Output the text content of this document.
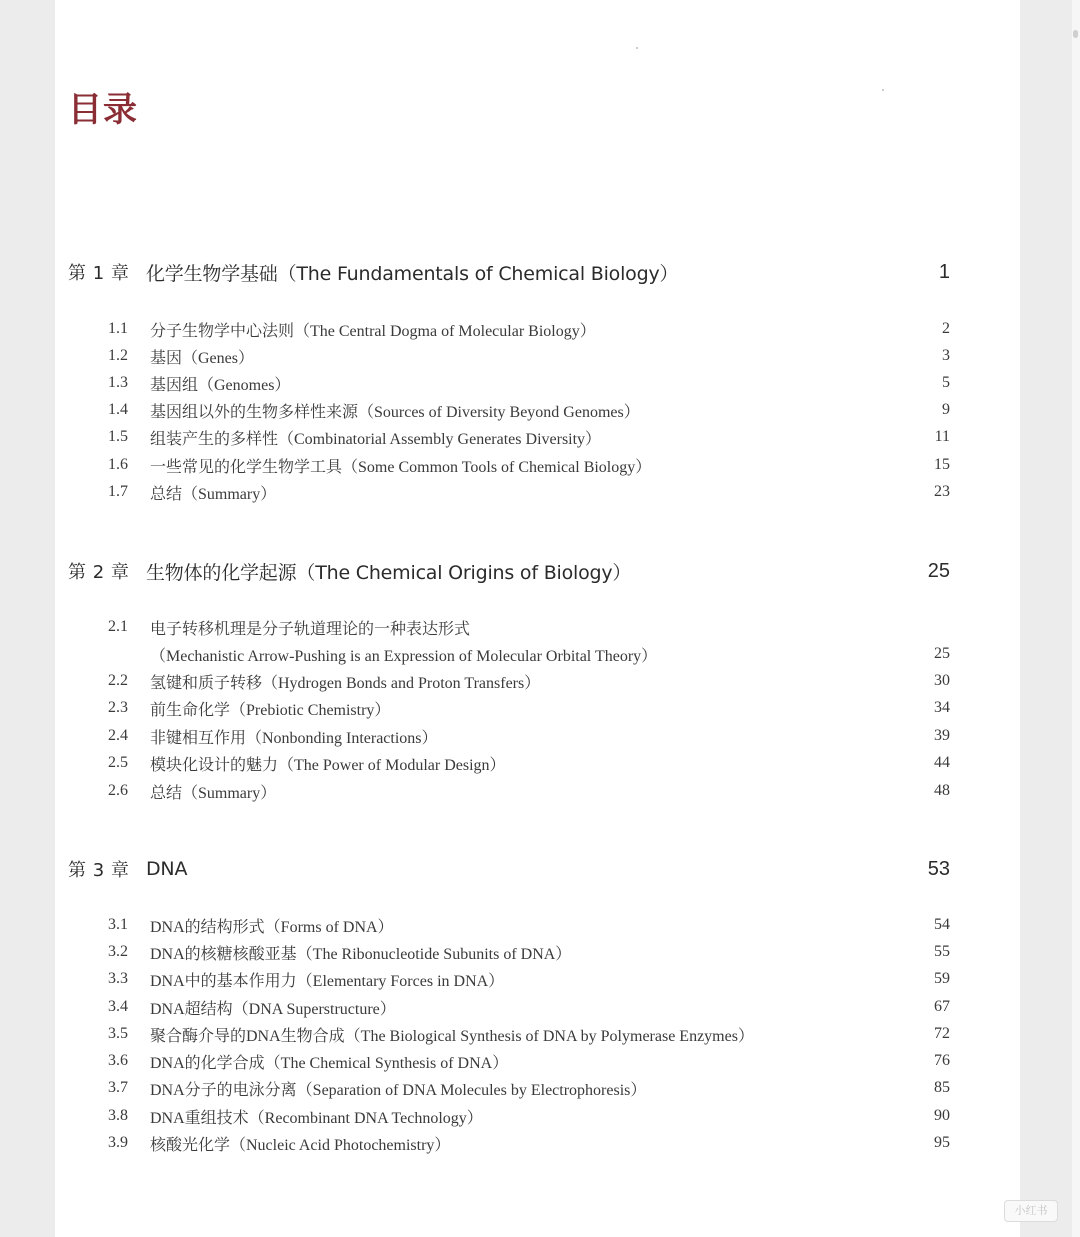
目录
第 1 章 化学生物学基础（The Fundamentals of Chemical Biology）	1
1.1	分子生物学中心法则（The Central Dogma of Molecular Biology）	2
1.2	基因（Genes）	3
1.3	基因组（Genomes）	5
1.4	基因组以外的生物多样性来源（Sources of Diversity Beyond Genomes）	9
1.5	组装产生的多样性（Combinatorial Assembly Generates Diversity）	11
1.6	一些常见的化学生物学工具（Some Common Tools of Chemical Biology）	15
1.7	总结（Summary）	23
第 2 章 生物体的化学起源（The Chemical Origins of Biology）	25
2.1	电子转移机理是分子轨道理论的一种表达形式
（Mechanistic Arrow-Pushing is an Expression of Molecular Orbital Theory）	25
2.2	氢键和质子转移（Hydrogen Bonds and Proton Transfers）	30
2.3	前生命化学（Prebiotic Chemistry）	34
2.4	非键相互作用（Nonbonding Interactions）	39
2.5	模块化设计的魅力（The Power of Modular Design）	44
2.6	总结（Summary）	48
第 3 章 DNA	53
3.1	DNA的结构形式（Forms of DNA）	54
3.2	DNA的核糖核酸亚基（The Ribonucleotide Subunits of DNA）	55
3.3	DNA中的基本作用力（Elementary Forces in DNA）	59
3.4	DNA超结构（DNA Superstructure）	67
3.5	聚合酶介导的DNA生物合成（The Biological Synthesis of DNA by Polymerase Enzymes）	72
3.6	DNA的化学合成（The Chemical Synthesis of DNA）	76
3.7	DNA分子的电泳分离（Separation of DNA Molecules by Electrophoresis）	85
3.8	DNA重组技术（Recombinant DNA Technology）	90
3.9	核酸光化学（Nucleic Acid Photochemistry）	95
小红书
